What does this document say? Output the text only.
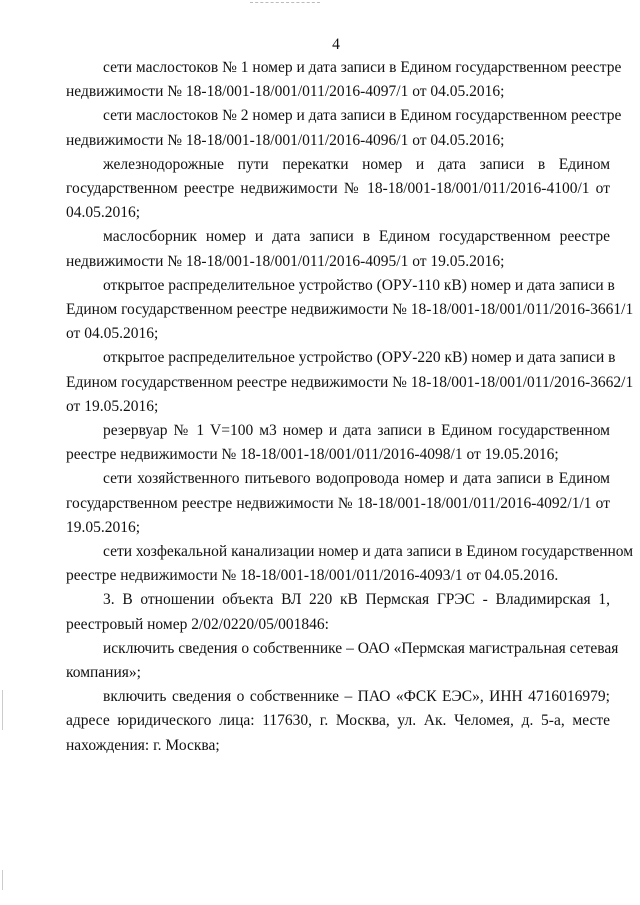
4
сети маслостоков № 1 номер и дата записи в Едином государственном реестре
недвижимости № 18-18/001-18/001/011/2016-4097/1 от 04.05.2016;
сети маслостоков № 2 номер и дата записи в Едином государственном реестре
недвижимости № 18-18/001-18/001/011/2016-4096/1 от 04.05.2016;
железнодорожные пути перекатки номер и дата записи в Едином
государственном реестре недвижимости № 18-18/001-18/001/011/2016-4100/1 от
04.05.2016;
маслосборник номер и дата записи в Едином государственном реестре
недвижимости № 18-18/001-18/001/011/2016-4095/1 от 19.05.2016;
открытое распределительное устройство (ОРУ-110 кВ) номер и дата записи в
Едином государственном реестре недвижимости № 18-18/001-18/001/011/2016-3661/1
от 04.05.2016;
открытое распределительное устройство (ОРУ-220 кВ) номер и дата записи в
Едином государственном реестре недвижимости № 18-18/001-18/001/011/2016-3662/1
от 19.05.2016;
резервуар № 1 V=100 м3 номер и дата записи в Едином государственном
реестре недвижимости № 18-18/001-18/001/011/2016-4098/1 от 19.05.2016;
сети хозяйственного питьевого водопровода номер и дата записи в Едином
государственном реестре недвижимости № 18-18/001-18/001/011/2016-4092/1/1 от
19.05.2016;
сети хозфекальной канализации номер и дата записи в Едином государственном
реестре недвижимости № 18-18/001-18/001/011/2016-4093/1 от 04.05.2016.
3. В отношении объекта ВЛ 220 кВ Пермская ГРЭС - Владимирская 1,
реестровый номер 2/02/0220/05/001846:
исключить сведения о собственнике – ОАО «Пермская магистральная сетевая
компания»;
включить сведения о собственнике – ПАО «ФСК ЕЭС», ИНН 4716016979;
адресе юридического лица: 117630, г. Москва, ул. Ак. Челомея, д. 5-а, месте
нахождения: г. Москва;
